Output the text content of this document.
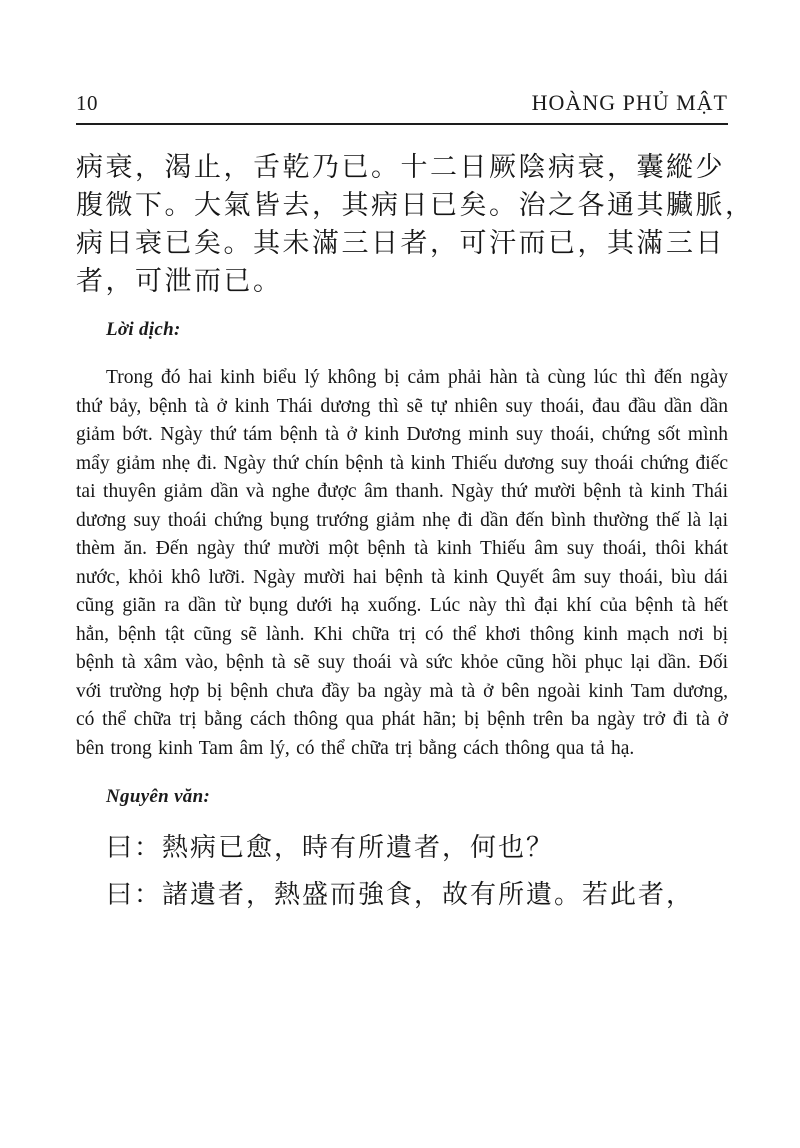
10	HOÀNG PHỦ MẬT
病衰，渴止，舌乾乃已。十二日厥陰病衰，囊縱少
腹微下。大氣皆去，其病日已矣。治之各通其臟脈，
病日衰已矣。其未滿三日者，可汗而已，其滿三日
者，可泄而已。
Lời dịch:

Trong đó hai kinh biểu lý không bị cảm phải hàn tà cùng lúc thì đến ngày thứ bảy, bệnh tà ở kinh Thái dương thì sẽ tự nhiên suy thoái, đau đầu dần dần giảm bớt. Ngày thứ tám bệnh tà ở kinh Dương minh suy thoái, chứng sốt mình mẩy giảm nhẹ đi. Ngày thứ chín bệnh tà kinh Thiếu dương suy thoái chứng điếc tai thuyên giảm dần và nghe được âm thanh. Ngày thứ mười bệnh tà kinh Thái dương suy thoái chứng bụng trướng giảm nhẹ đi dần đến bình thường thế là lại thèm ăn. Đến ngày thứ mười một bệnh tà kinh Thiếu âm suy thoái, thôi khát nước, khỏi khô lưỡi. Ngày mười hai bệnh tà kinh Quyết âm suy thoái, bìu dái cũng giãn ra dần từ bụng dưới hạ xuống. Lúc này thì đại khí của bệnh tà hết hẳn, bệnh tật cũng sẽ lành. Khi chữa trị có thể khơi thông kinh mạch nơi bị bệnh tà xâm vào, bệnh tà sẽ suy thoái và sức khỏe cũng hồi phục lại dần. Đối với trường hợp bị bệnh chưa đầy ba ngày mà tà ở bên ngoài kinh Tam dương, có thể chữa trị bằng cách thông qua phát hãn; bị bệnh trên ba ngày trở đi tà ở bên trong kinh Tam âm lý, có thể chữa trị bằng cách thông qua tả hạ.

Nguyên văn:
曰：熱病已愈，時有所遺者，何也？
曰：諸遺者，熱盛而強食，故有所遺。若此者，
